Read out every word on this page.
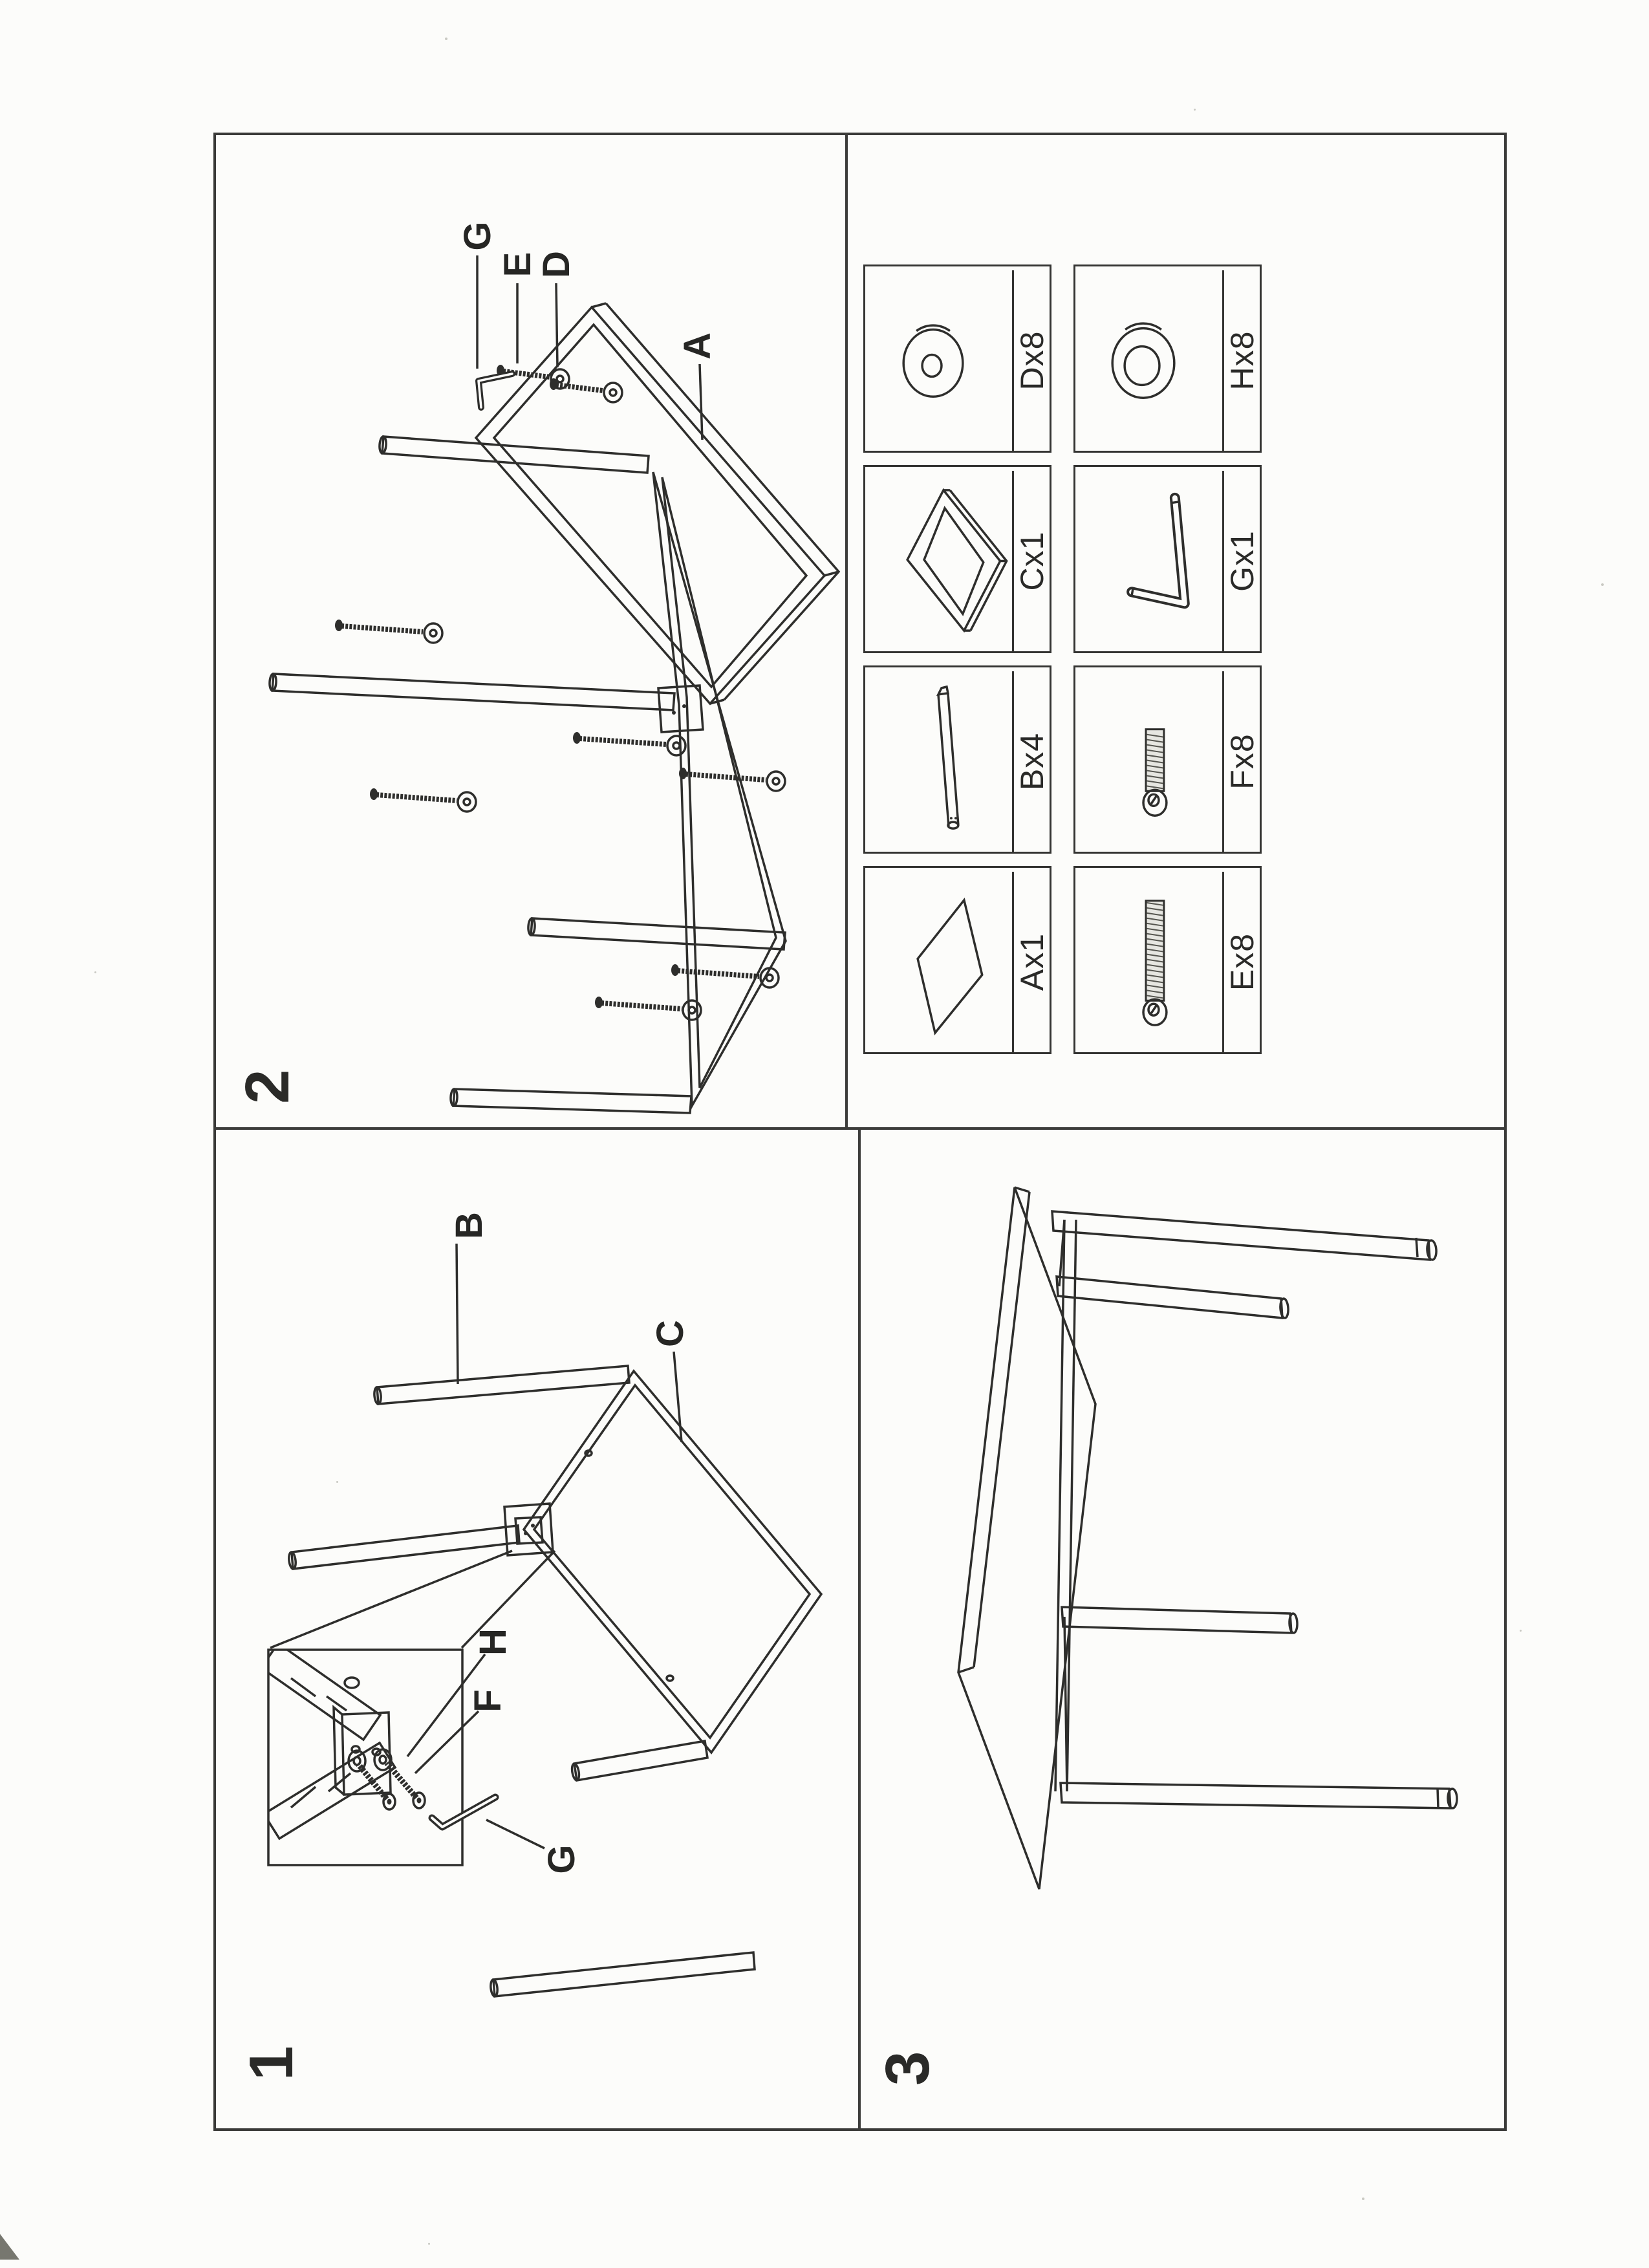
1
2
3
B
C
H
F
G
G
E
D
A
Ax1
Bx4
Cx1
Dx8
Ex8
Fx8
Gx1
Hx8
